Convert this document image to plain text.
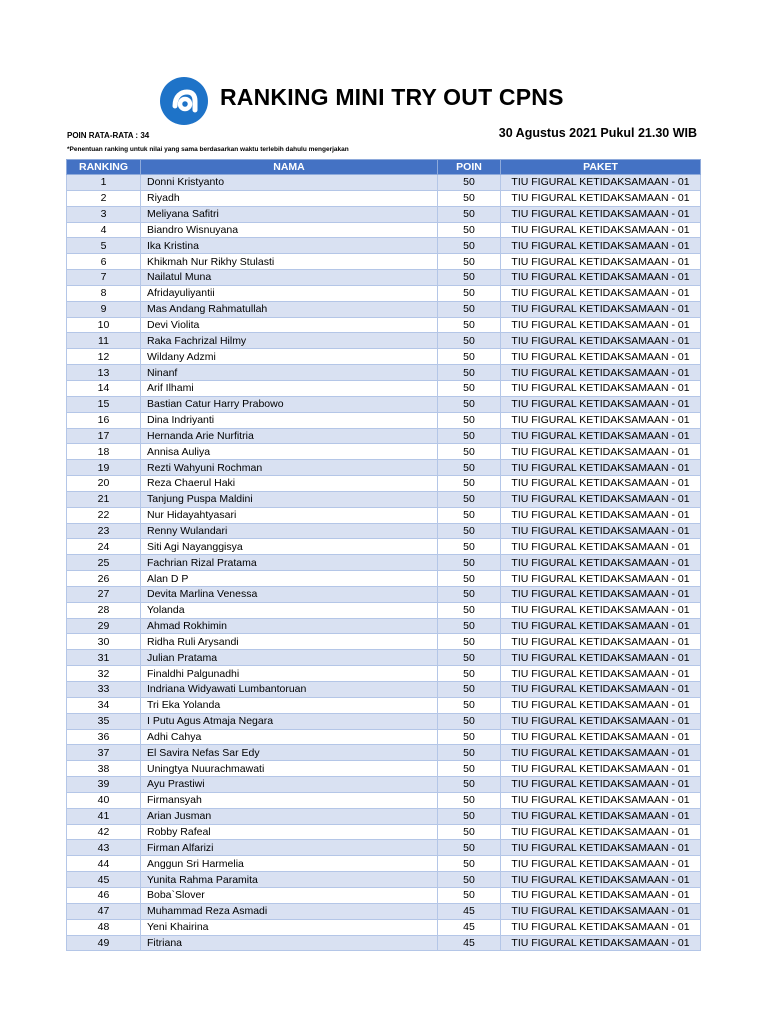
RANKING MINI TRY OUT CPNS
POIN RATA-RATA : 34	30 Agustus 2021 Pukul 21.30 WIB
*Penentuan ranking untuk nilai yang sama berdasarkan waktu terlebih dahulu mengerjakan
RANKING	NAMA	POIN	PAKET
1	Donni Kristyanto	50	TIU FIGURAL KETIDAKSAMAAN - 01
2	Riyadh	50	TIU FIGURAL KETIDAKSAMAAN - 01
3	Meliyana Safitri	50	TIU FIGURAL KETIDAKSAMAAN - 01
4	Biandro Wisnuyana	50	TIU FIGURAL KETIDAKSAMAAN - 01
5	Ika Kristina	50	TIU FIGURAL KETIDAKSAMAAN - 01
6	Khikmah Nur Rikhy Stulasti	50	TIU FIGURAL KETIDAKSAMAAN - 01
7	Nailatul Muna	50	TIU FIGURAL KETIDAKSAMAAN - 01
8	Afridayuliyantii	50	TIU FIGURAL KETIDAKSAMAAN - 01
9	Mas Andang Rahmatullah	50	TIU FIGURAL KETIDAKSAMAAN - 01
10	Devi Violita	50	TIU FIGURAL KETIDAKSAMAAN - 01
11	Raka Fachrizal Hilmy	50	TIU FIGURAL KETIDAKSAMAAN - 01
12	Wildany Adzmi	50	TIU FIGURAL KETIDAKSAMAAN - 01
13	Ninanf	50	TIU FIGURAL KETIDAKSAMAAN - 01
14	Arif Ilhami	50	TIU FIGURAL KETIDAKSAMAAN - 01
15	Bastian Catur Harry Prabowo	50	TIU FIGURAL KETIDAKSAMAAN - 01
16	Dina Indriyanti	50	TIU FIGURAL KETIDAKSAMAAN - 01
17	Hernanda Arie Nurfitria	50	TIU FIGURAL KETIDAKSAMAAN - 01
18	Annisa Auliya	50	TIU FIGURAL KETIDAKSAMAAN - 01
19	Rezti Wahyuni Rochman	50	TIU FIGURAL KETIDAKSAMAAN - 01
20	Reza Chaerul Haki	50	TIU FIGURAL KETIDAKSAMAAN - 01
21	Tanjung Puspa Maldini	50	TIU FIGURAL KETIDAKSAMAAN - 01
22	Nur Hidayahtyasari	50	TIU FIGURAL KETIDAKSAMAAN - 01
23	Renny Wulandari	50	TIU FIGURAL KETIDAKSAMAAN - 01
24	Siti Agi Nayanggisya	50	TIU FIGURAL KETIDAKSAMAAN - 01
25	Fachrian Rizal Pratama	50	TIU FIGURAL KETIDAKSAMAAN - 01
26	Alan D P	50	TIU FIGURAL KETIDAKSAMAAN - 01
27	Devita Marlina Venessa	50	TIU FIGURAL KETIDAKSAMAAN - 01
28	Yolanda	50	TIU FIGURAL KETIDAKSAMAAN - 01
29	Ahmad Rokhimin	50	TIU FIGURAL KETIDAKSAMAAN - 01
30	Ridha Ruli Arysandi	50	TIU FIGURAL KETIDAKSAMAAN - 01
31	Julian Pratama	50	TIU FIGURAL KETIDAKSAMAAN - 01
32	Finaldhi Palgunadhi	50	TIU FIGURAL KETIDAKSAMAAN - 01
33	Indriana Widyawati Lumbantoruan	50	TIU FIGURAL KETIDAKSAMAAN - 01
34	Tri Eka Yolanda	50	TIU FIGURAL KETIDAKSAMAAN - 01
35	I Putu Agus Atmaja Negara	50	TIU FIGURAL KETIDAKSAMAAN - 01
36	Adhi Cahya	50	TIU FIGURAL KETIDAKSAMAAN - 01
37	El Savira Nefas Sar Edy	50	TIU FIGURAL KETIDAKSAMAAN - 01
38	Uningtya Nuurachmawati	50	TIU FIGURAL KETIDAKSAMAAN - 01
39	Ayu Prastiwi	50	TIU FIGURAL KETIDAKSAMAAN - 01
40	Firmansyah	50	TIU FIGURAL KETIDAKSAMAAN - 01
41	Arian Jusman	50	TIU FIGURAL KETIDAKSAMAAN - 01
42	Robby Rafeal	50	TIU FIGURAL KETIDAKSAMAAN - 01
43	Firman Alfarizi	50	TIU FIGURAL KETIDAKSAMAAN - 01
44	Anggun Sri Harmelia	50	TIU FIGURAL KETIDAKSAMAAN - 01
45	Yunita Rahma Paramita	50	TIU FIGURAL KETIDAKSAMAAN - 01
46	Boba`Slover	50	TIU FIGURAL KETIDAKSAMAAN - 01
47	Muhammad Reza Asmadi	45	TIU FIGURAL KETIDAKSAMAAN - 01
48	Yeni Khairina	45	TIU FIGURAL KETIDAKSAMAAN - 01
49	Fitriana	45	TIU FIGURAL KETIDAKSAMAAN - 01
